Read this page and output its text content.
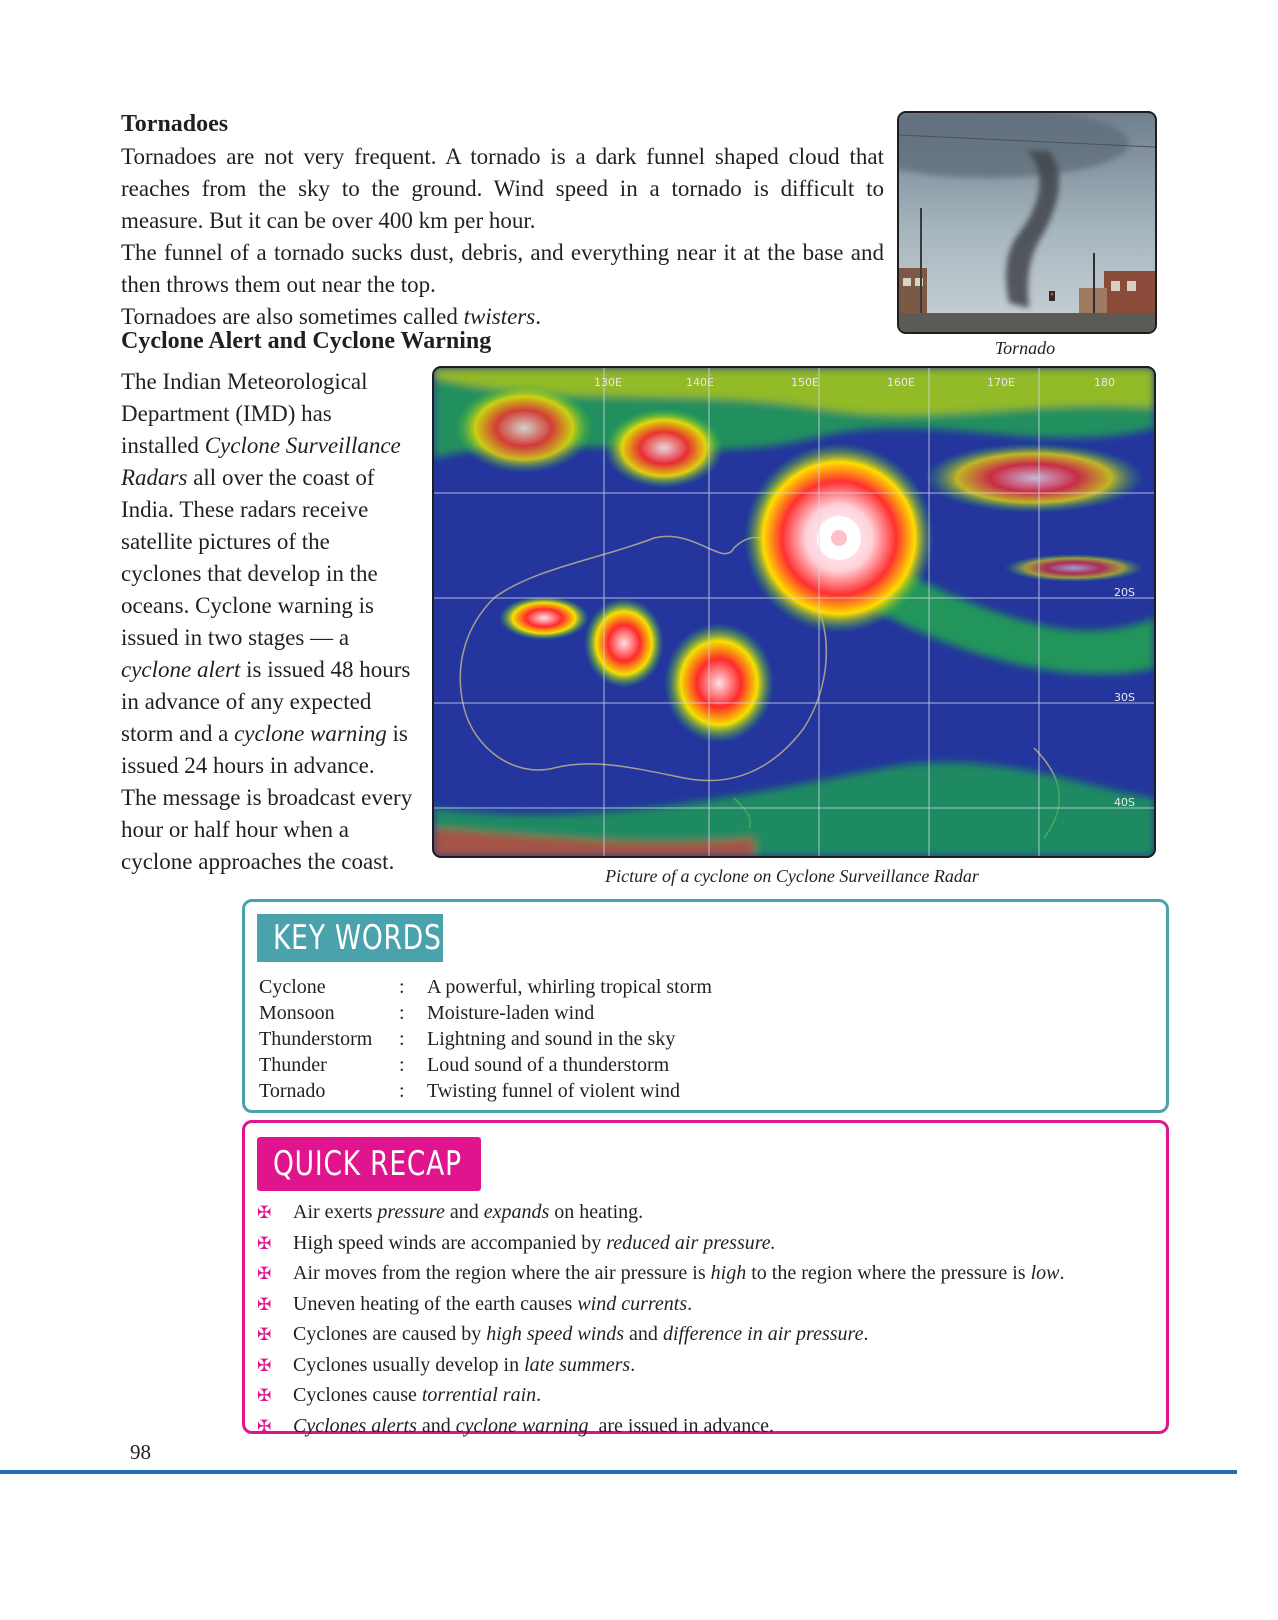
Tornadoes

Tornadoes are not very frequent. A tornado is a dark funnel shaped cloud that reaches from the sky to the ground. Wind speed in a tornado is difficult to measure. But it can be over 400 km per hour.

The funnel of a tornado sucks dust, debris, and everything near it at the base and then throws them out near the top.

Tornadoes are also sometimes called twisters.

Tornado
Cyclone Alert and Cyclone Warning
The Indian Meteorological Department (IMD) has installed Cyclone Surveillance Radars all over the coast of India. These radars receive satellite pictures of the cyclones that develop in the oceans. Cyclone warning is issued in two stages — a cyclone alert is issued 48 hours in advance of any expected storm and a cyclone warning is issued 24 hours in advance. The message is broadcast every hour or half hour when a cyclone approaches the coast.
130E	140E	150E	160E	170E	180
20S
30S
40S
Picture of a cyclone on Cyclone Surveillance Radar
KEY WORDS
Cyclone	:	A powerful, whirling tropical storm
Monsoon	:	Moisture-laden wind
Thunderstorm	:	Lightning and sound in the sky
Thunder	:	Loud sound of a thunderstorm
Tornado	:	Twisting funnel of violent wind
QUICK RECAP
✠	Air exerts pressure and expands on heating.
✠	High speed winds are accompanied by reduced air pressure.
✠	Air moves from the region where the air pressure is high to the region where the pressure is low.
✠	Uneven heating of the earth causes wind currents.
✠	Cyclones are caused by high speed winds and difference in air pressure.
✠	Cyclones usually develop in late summers.
✠	Cyclones cause torrential rain.
✠	Cyclones alerts and cyclone warning  are issued in advance.
98
